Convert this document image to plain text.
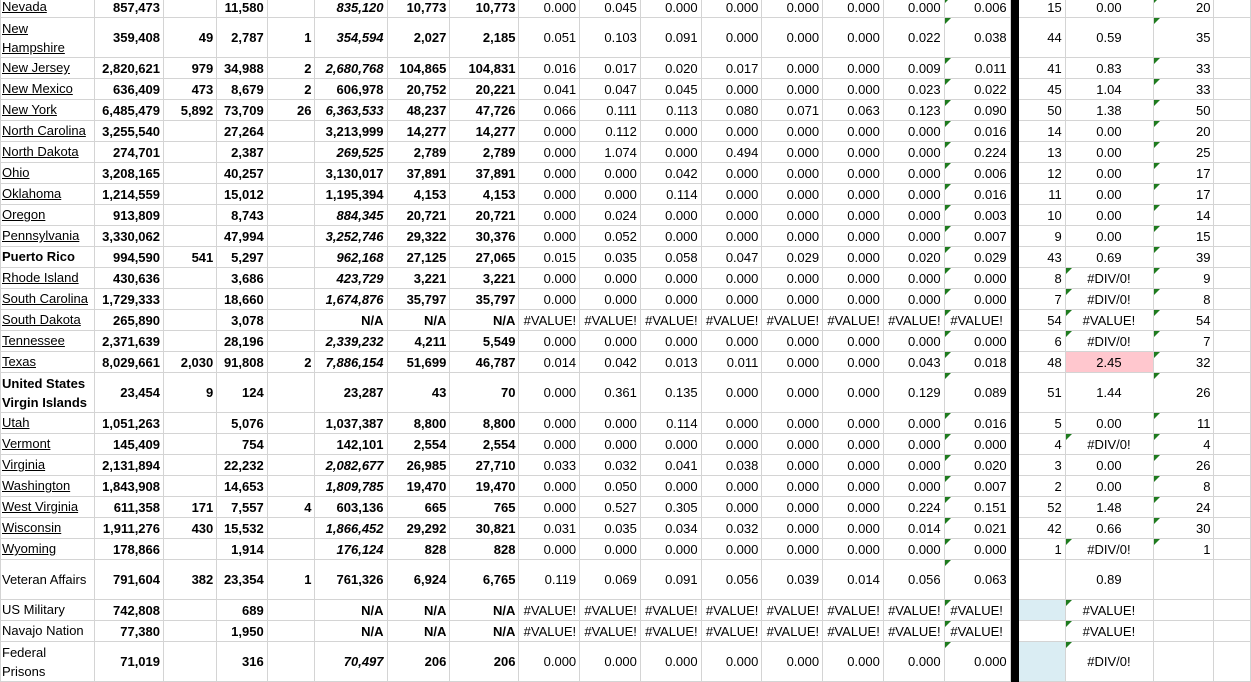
Nevada	857,473		11,580		835,120	10,773	10,773	0.000	0.045	0.000	0.000	0.000	0.000	0.000	0.006		15	0.00	20	
New Hampshire	359,408	49	2,787	1	354,594	2,027	2,185	0.051	0.103	0.091	0.000	0.000	0.000	0.022	0.038		44	0.59	35	
New Jersey	2,820,621	979	34,988	2	2,680,768	104,865	104,831	0.016	0.017	0.020	0.017	0.000	0.000	0.009	0.011		41	0.83	33	
New Mexico	636,409	473	8,679	2	606,978	20,752	20,221	0.041	0.047	0.045	0.000	0.000	0.000	0.023	0.022		45	1.04	33	
New York	6,485,479	5,892	73,709	26	6,363,533	48,237	47,726	0.066	0.111	0.113	0.080	0.071	0.063	0.123	0.090		50	1.38	50	
North Carolina	3,255,540		27,264		3,213,999	14,277	14,277	0.000	0.112	0.000	0.000	0.000	0.000	0.000	0.016		14	0.00	20	
North Dakota	274,701		2,387		269,525	2,789	2,789	0.000	1.074	0.000	0.494	0.000	0.000	0.000	0.224		13	0.00	25	
Ohio	3,208,165		40,257		3,130,017	37,891	37,891	0.000	0.000	0.042	0.000	0.000	0.000	0.000	0.006		12	0.00	17	
Oklahoma	1,214,559		15,012		1,195,394	4,153	4,153	0.000	0.000	0.114	0.000	0.000	0.000	0.000	0.016		11	0.00	17	
Oregon	913,809		8,743		884,345	20,721	20,721	0.000	0.024	0.000	0.000	0.000	0.000	0.000	0.003		10	0.00	14	
Pennsylvania	3,330,062		47,994		3,252,746	29,322	30,376	0.000	0.052	0.000	0.000	0.000	0.000	0.000	0.007		9	0.00	15	
Puerto Rico	994,590	541	5,297		962,168	27,125	27,065	0.015	0.035	0.058	0.047	0.029	0.000	0.020	0.029		43	0.69	39	
Rhode Island	430,636		3,686		423,729	3,221	3,221	0.000	0.000	0.000	0.000	0.000	0.000	0.000	0.000		8	#DIV/0!	9	
South Carolina	1,729,333		18,660		1,674,876	35,797	35,797	0.000	0.000	0.000	0.000	0.000	0.000	0.000	0.000		7	#DIV/0!	8	
South Dakota	265,890		3,078		N/A	N/A	N/A	#VALUE!	#VALUE!	#VALUE!	#VALUE!	#VALUE!	#VALUE!	#VALUE!	#VALUE!		54	#VALUE!	54	
Tennessee	2,371,639		28,196		2,339,232	4,211	5,549	0.000	0.000	0.000	0.000	0.000	0.000	0.000	0.000		6	#DIV/0!	7	
Texas	8,029,661	2,030	91,808	2	7,886,154	51,699	46,787	0.014	0.042	0.013	0.011	0.000	0.000	0.043	0.018		48	2.45	32	
United States Virgin Islands	23,454	9	124		23,287	43	70	0.000	0.361	0.135	0.000	0.000	0.000	0.129	0.089		51	1.44	26	
Utah	1,051,263		5,076		1,037,387	8,800	8,800	0.000	0.000	0.114	0.000	0.000	0.000	0.000	0.016		5	0.00	11	
Vermont	145,409		754		142,101	2,554	2,554	0.000	0.000	0.000	0.000	0.000	0.000	0.000	0.000		4	#DIV/0!	4	
Virginia	2,131,894		22,232		2,082,677	26,985	27,710	0.033	0.032	0.041	0.038	0.000	0.000	0.000	0.020		3	0.00	26	
Washington	1,843,908		14,653		1,809,785	19,470	19,470	0.000	0.050	0.000	0.000	0.000	0.000	0.000	0.007		2	0.00	8	
West Virginia	611,358	171	7,557	4	603,136	665	765	0.000	0.527	0.305	0.000	0.000	0.000	0.224	0.151		52	1.48	24	
Wisconsin	1,911,276	430	15,532		1,866,452	29,292	30,821	0.031	0.035	0.034	0.032	0.000	0.000	0.014	0.021		42	0.66	30	
Wyoming	178,866		1,914		176,124	828	828	0.000	0.000	0.000	0.000	0.000	0.000	0.000	0.000		1	#DIV/0!	1	
Veteran Affairs	791,604	382	23,354	1	761,326	6,924	6,765	0.119	0.069	0.091	0.056	0.039	0.014	0.056	0.063			0.89		
US Military	742,808		689		N/A	N/A	N/A	#VALUE!	#VALUE!	#VALUE!	#VALUE!	#VALUE!	#VALUE!	#VALUE!	#VALUE!			#VALUE!		
Navajo Nation	77,380		1,950		N/A	N/A	N/A	#VALUE!	#VALUE!	#VALUE!	#VALUE!	#VALUE!	#VALUE!	#VALUE!	#VALUE!			#VALUE!		
Federal Prisons	71,019		316		70,497	206	206	0.000	0.000	0.000	0.000	0.000	0.000	0.000	0.000			#DIV/0!		
